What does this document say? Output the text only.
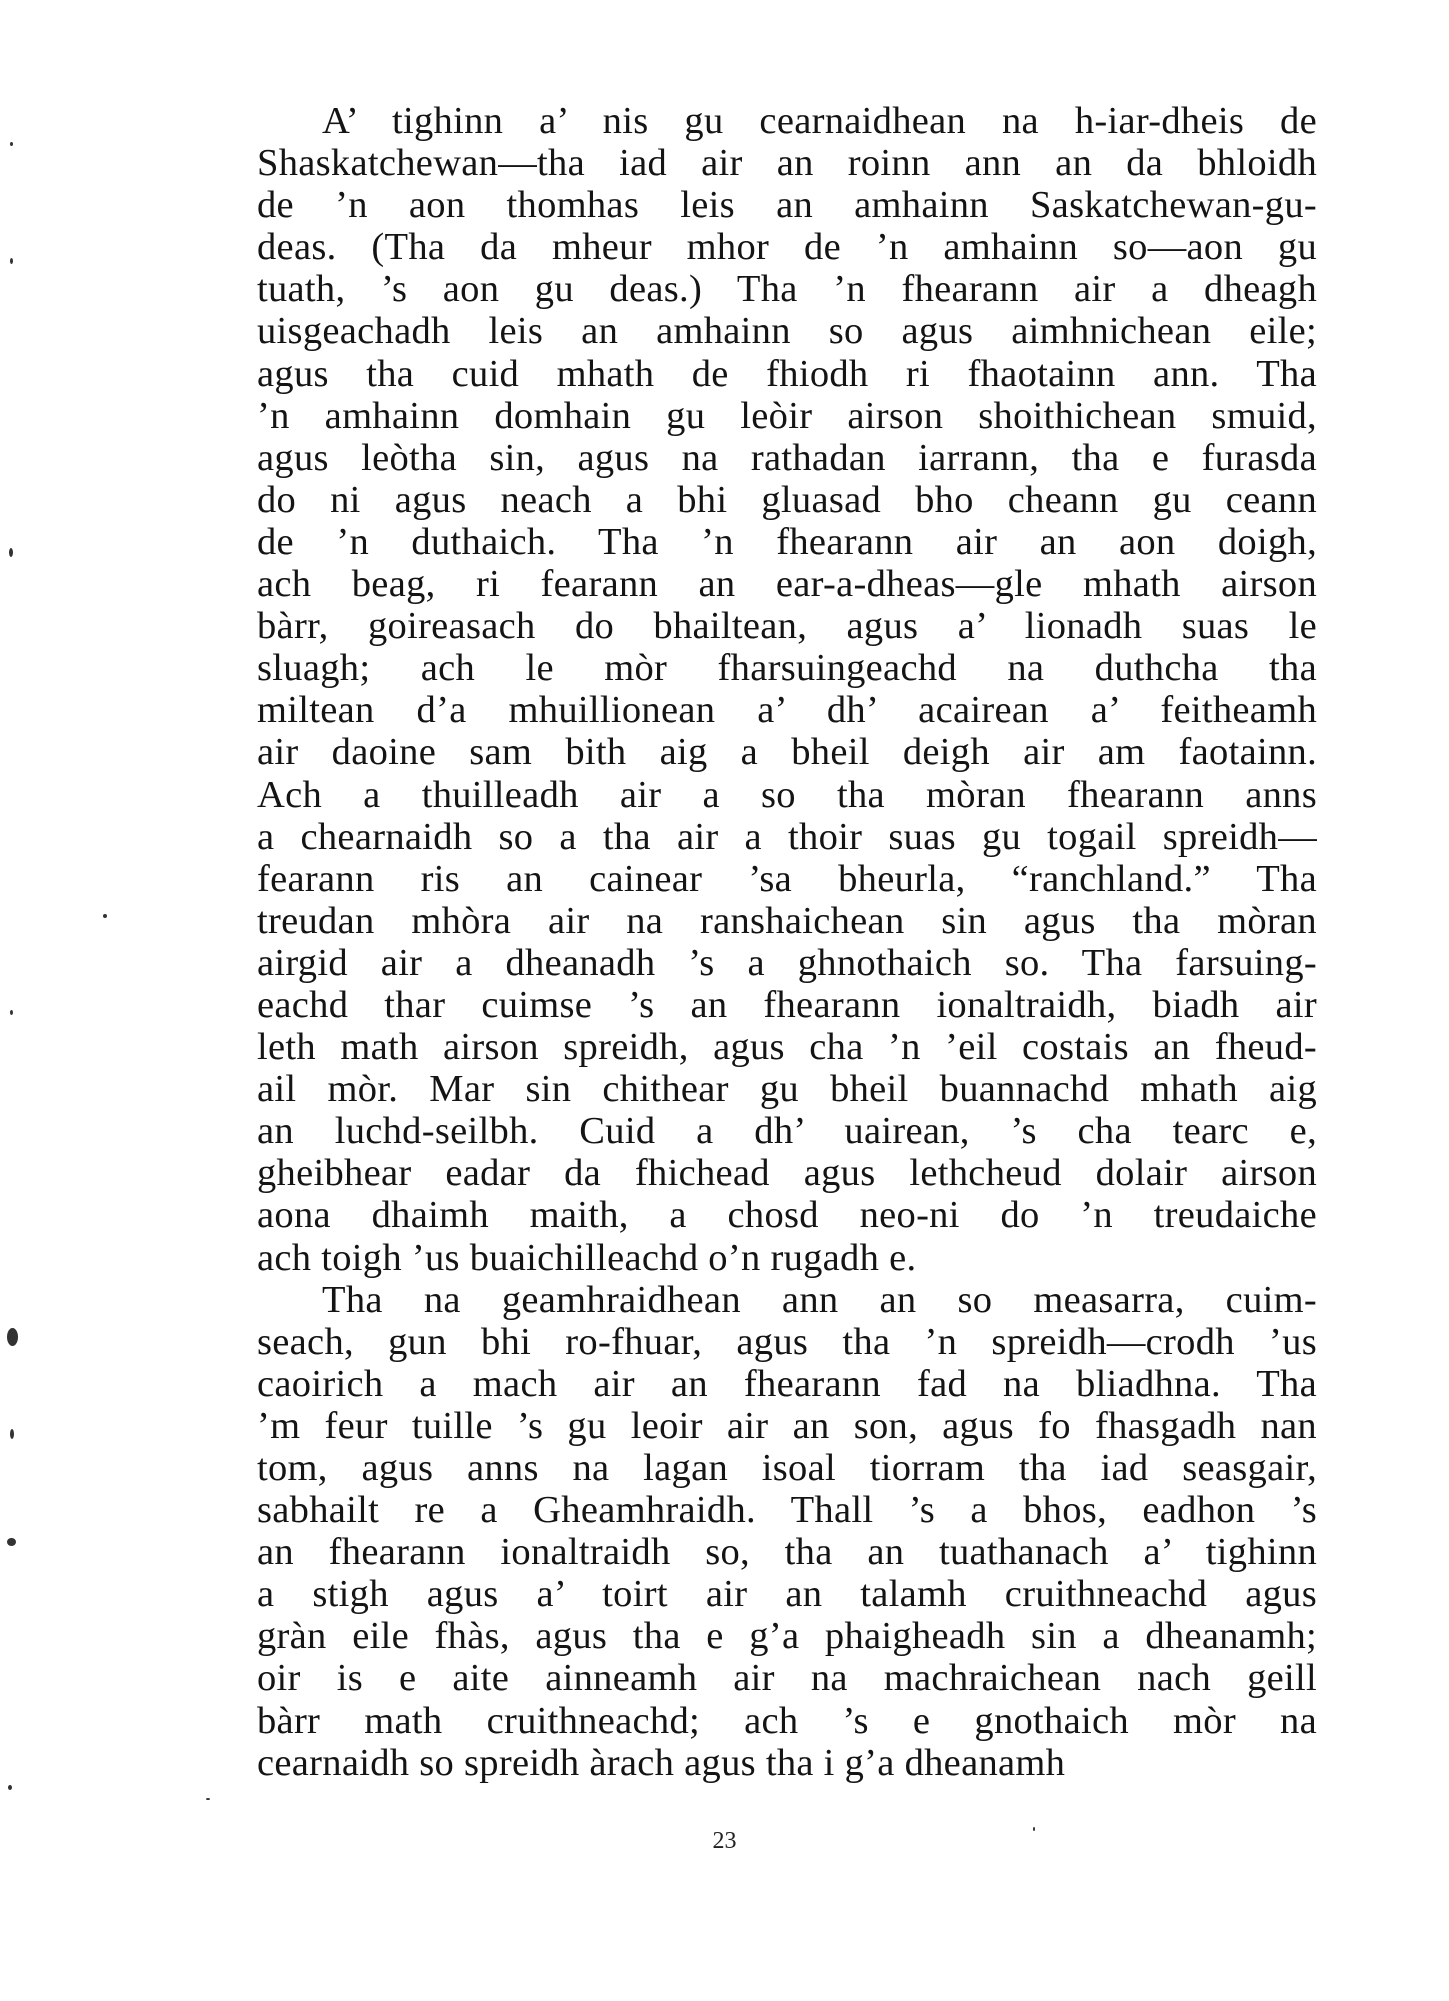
A’ tighinn a’ nis gu cearnaidhean na h-iar-dheis de
Shaskatchewan—tha iad air an roinn ann an da bhloidh
de ’n aon thomhas leis an amhainn Saskatchewan-gu-
deas. (Tha da mheur mhor de ’n amhainn so—aon gu
tuath, ’s aon gu deas.) Tha ’n fhearann air a dheagh
uisgeachadh leis an amhainn so agus aimhnichean eile;
agus tha cuid mhath de fhiodh ri fhaotainn ann. Tha
’n amhainn domhain gu leòir airson shoithichean smuid,
agus leòtha sin, agus na rathadan iarrann, tha e furasda
do ni agus neach a bhi gluasad bho cheann gu ceann
de ’n duthaich. Tha ’n fhearann air an aon doigh,
ach beag, ri fearann an ear-a-dheas—gle mhath airson
bàrr, goireasach do bhailtean, agus a’ lionadh suas le
sluagh; ach le mòr fharsuingeachd na duthcha tha
miltean d’a mhuillionean a’ dh’ acairean a’ feitheamh
air daoine sam bith aig a bheil deigh air am faotainn.
Ach a thuilleadh air a so tha mòran fhearann anns
a chearnaidh so a tha air a thoir suas gu togail spreidh—
fearann ris an cainear ’sa bheurla, “ranchland.” Tha
treudan mhòra air na ranshaichean sin agus tha mòran
airgid air a dheanadh ’s a ghnothaich so. Tha farsuing-
eachd thar cuimse ’s an fhearann ionaltraidh, biadh air
leth math airson spreidh, agus cha ’n ’eil costais an fheud-
ail mòr. Mar sin chithear gu bheil buannachd mhath aig
an luchd-seilbh. Cuid a dh’ uairean, ’s cha tearc e,
gheibhear eadar da fhichead agus lethcheud dolair airson
aona dhaimh maith, a chosd neo-ni do ’n treudaiche
ach toigh ’us buaichilleachd o’n rugadh e.
Tha na geamhraidhean ann an so measarra, cuim-
seach, gun bhi ro-fhuar, agus tha ’n spreidh—crodh ’us
caoirich a mach air an fhearann fad na bliadhna. Tha
’m feur tuille ’s gu leoir air an son, agus fo fhasgadh nan
tom, agus anns na lagan isoal tiorram tha iad seasgair,
sabhailt re a Gheamhraidh. Thall ’s a bhos, eadhon ’s
an fhearann ionaltraidh so, tha an tuathanach a’ tighinn
a stigh agus a’ toirt air an talamh cruithneachd agus
gràn eile fhàs, agus tha e g’a phaigheadh sin a dheanamh;
oir is e aite ainneamh air na machraichean nach geill
bàrr math cruithneachd; ach ’s e gnothaich mòr na
cearnaidh so spreidh àrach agus tha i g’a dheanamh
23
